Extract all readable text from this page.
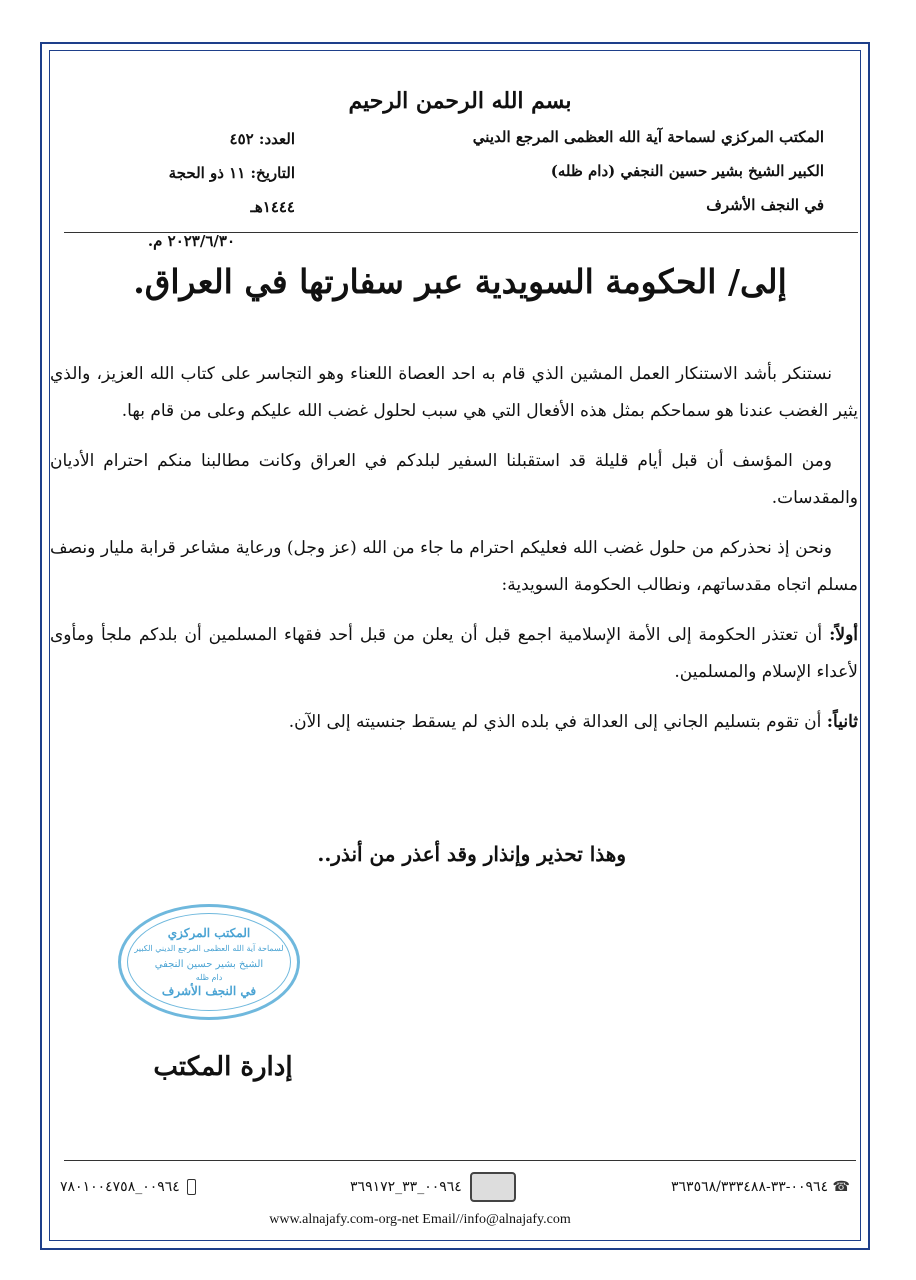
بسم الله الرحمن الرحيم
المكتب المركزي لسماحة آية الله العظمى المرجع الديني
الكبير الشيخ بشير حسين النجفي (دام ظله)
في النجف الأشرف
العدد: ٤٥٢
التاريخ: ١١ ذو الحجة ١٤٤٤هـ
٢٠٢٣/٦/٣٠ م.
إلى/ الحكومة السويدية عبر سفارتها في العراق.

نستنكر بأشد الاستنكار العمل المشين الذي قام به احد العصاة اللعناء وهو التجاسر على كتاب الله العزيز، والذي يثير الغضب عندنا هو سماحكم بمثل هذه الأفعال التي هي سبب لحلول غضب الله عليكم وعلى من قام بها.

ومن المؤسف أن قبل أيام قليلة قد استقبلنا السفير لبلدكم في العراق وكانت مطالبنا منكم احترام الأديان والمقدسات.

ونحن إذ نحذركم من حلول غضب الله فعليكم احترام ما جاء من الله (عز وجل) ورعاية مشاعر قرابة مليار ونصف مسلم اتجاه مقدساتهم، ونطالب الحكومة السويدية:

أولاً: أن تعتذر الحكومة إلى الأمة الإسلامية اجمع قبل أن يعلن من قبل أحد فقهاء المسلمين أن بلدكم ملجأ ومأوى لأعداء الإسلام والمسلمين.

ثانياً: أن تقوم بتسليم الجاني إلى العدالة في بلده الذي لم يسقط جنسيته إلى الآن.

وهذا تحذير وإنذار وقد أعذر من أنذر..
المكتب المركزي
لسماحة آية الله العظمى المرجع الديني الكبير
الشيخ بشير حسين النجفي
دام ظله
في النجف الأشرف
إدارة المكتب
☎ ٠٠٩٦٤-٣٣-٣٦٣٥٦٨/٣٣٣٤٨٨
٠٠٩٦٤_٣٣_٣٦٩١٧٢
٠٠٩٦٤_٧٨٠١٠٠٤٧٥٨
www.alnajafy.com-org-net Email//info@alnajafy.com
